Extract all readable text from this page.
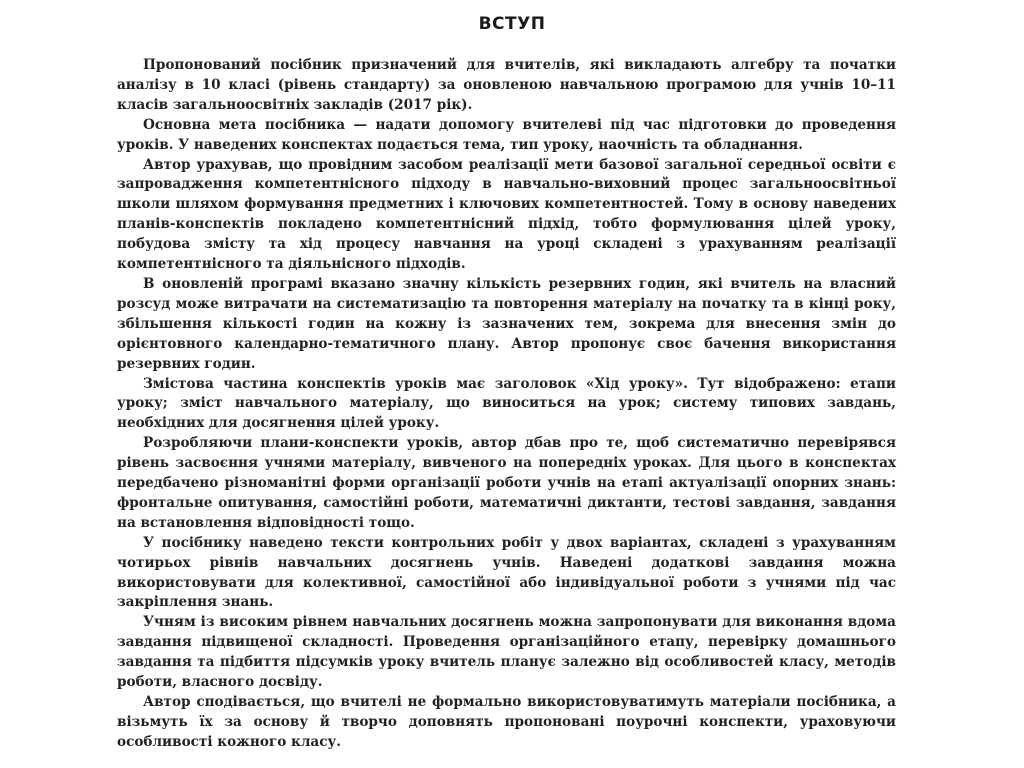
ВСТУП

Пропонований посібник призначений для вчителів, які викладають алгебру та початки аналізу в 10 класі (рівень стандарту) за оновленою навчальною програмою для учнів 10–11 класів загальноосвітніх закладів (2017 рік).

Основна мета посібника — надати допомогу вчителеві під час підготовки до проведення уроків. У наведених конспектах подається тема, тип уроку, наочність та обладнання.

Автор урахував, що провідним засобом реалізації мети базової загальної середньої освіти є запровадження компетентнісного підходу в навчально-виховний процес загальноосвітньої школи шляхом формування предметних і ключових компетентностей. Тому в основу наведених планів-конспектів покладено компетентнісний підхід, тобто формулювання цілей уроку, побудова змісту та хід процесу навчання на уроці складені з урахуванням реалізації компетентнісного та діяльнісного підходів.

В оновленій програмі вказано значну кількість резервних годин, які вчитель на власний розсуд може витрачати на систематизацію та повторення матеріалу на початку та в кінці року, збільшення кількості годин на кожну із зазначених тем, зокрема для внесення змін до орієнтовного календарно-тематичного плану. Автор пропонує своє бачення використання резервних годин.

Змістова частина конспектів уроків має заголовок «Хід уроку». Тут відображено: етапи уроку; зміст навчального матеріалу, що виноситься на урок; систему типових завдань, необхідних для досягнення цілей уроку.

Розробляючи плани-конспекти уроків, автор дбав про те, щоб систематично перевірявся рівень засвоєння учнями матеріалу, вивченого на попередніх уроках. Для цього в конспектах передбачено різноманітні форми організації роботи учнів на етапі актуалізації опорних знань: фронтальне опитування, самостійні роботи, математичні диктанти, тестові завдання, завдання на встановлення відповідності тощо.

У посібнику наведено тексти контрольних робіт у двох варіантах, складені з урахуванням чотирьох рівнів навчальних досягнень учнів. Наведені додаткові завдання можна використовувати для колективної, самостійної або індивідуальної роботи з учнями під час закріплення знань.

Учням із високим рівнем навчальних досягнень можна запропонувати для виконання вдома завдання підвищеної складності. Проведення організаційного етапу, перевірку домашнього завдання та підбиття підсумків уроку вчитель планує залежно від особливостей класу, методів роботи, власного досвіду.

Автор сподівається, що вчителі не формально використовуватимуть матеріали посібника, а візьмуть їх за основу й творчо доповнять пропоновані поурочні конспекти, ураховуючи особливості кожного класу.
